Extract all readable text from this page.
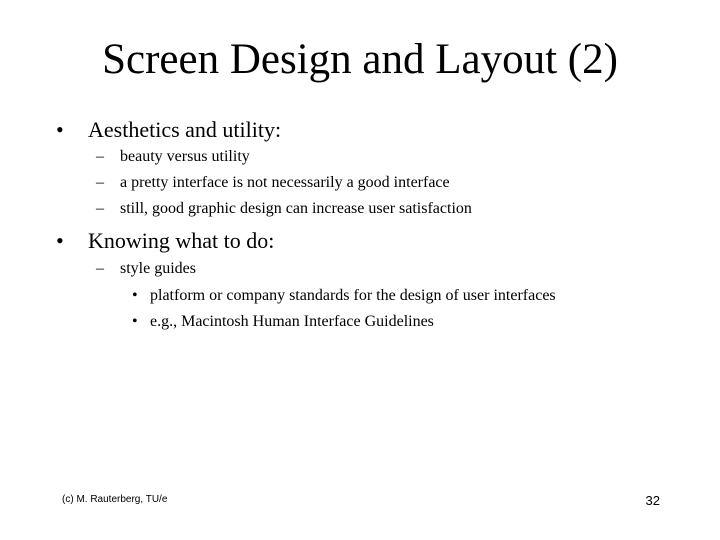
Screen Design and Layout (2)
• Aesthetics and utility:
– beauty versus utility
– a pretty interface is not necessarily a good interface
– still, good graphic design can increase user satisfaction
• Knowing what to do:
– style guides
• platform or company standards for the design of user interfaces
• e.g., Macintosh Human Interface Guidelines
(c) M. Rauterberg, TU/e	32
